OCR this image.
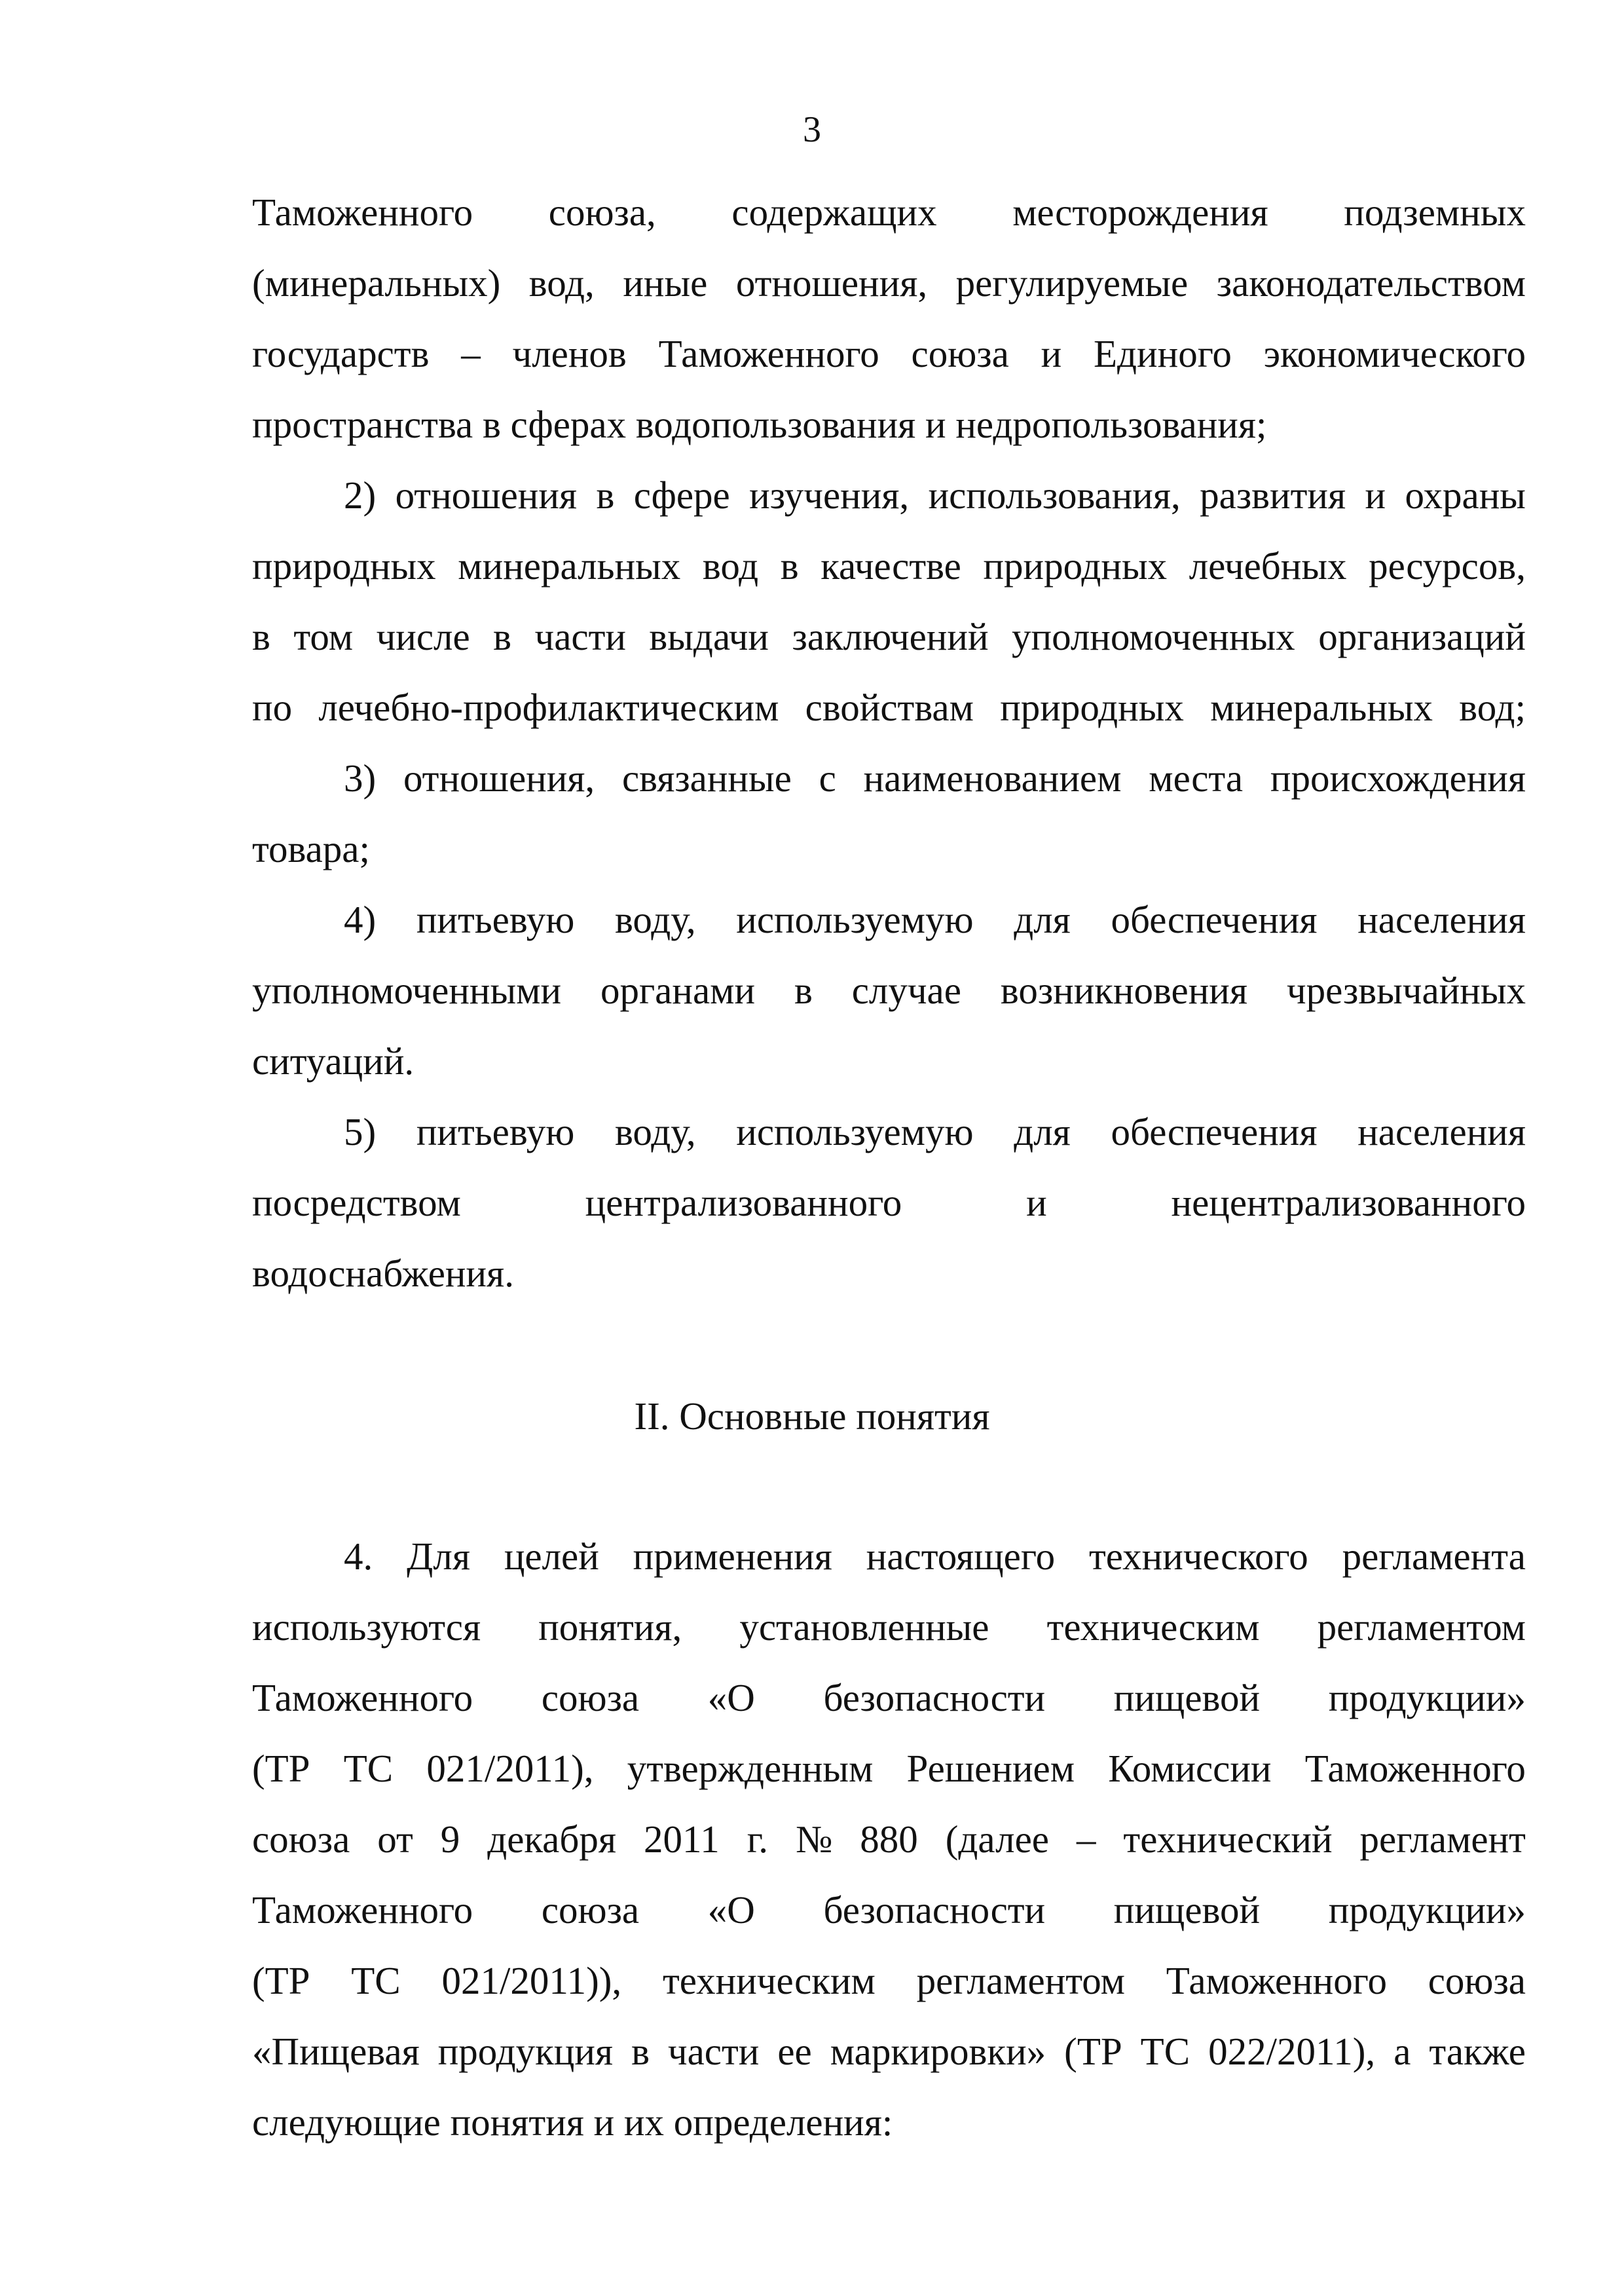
3
Таможенного союза, содержащих месторождения подземных
(минеральных) вод, иные отношения, регулируемые законодательством
государств – членов Таможенного союза и Единого экономического
пространства в сферах водопользования и недропользования;
2) отношения в сфере изучения, использования, развития и охраны
природных минеральных вод в качестве природных лечебных ресурсов,
в том числе в части выдачи заключений уполномоченных организаций
по лечебно-профилактическим свойствам природных минеральных вод;
3) отношения, связанные с наименованием места происхождения
товара;
4) питьевую воду, используемую для обеспечения населения
уполномоченными органами в случае возникновения чрезвычайных
ситуаций.
5) питьевую воду, используемую для обеспечения населения
посредством	централизованного	и	нецентрализованного
водоснабжения.
II. Основные понятия
4. Для целей применения настоящего технического регламента
используются понятия, установленные техническим регламентом
Таможенного союза «О безопасности пищевой продукции»
(ТР ТС 021/2011), утвержденным Решением Комиссии Таможенного
союза от 9 декабря 2011 г. № 880 (далее – технический регламент
Таможенного союза «О безопасности пищевой продукции»
(ТР ТС 021/2011)), техническим регламентом Таможенного союза
«Пищевая продукция в части ее маркировки» (ТР ТС 022/2011), а также
следующие понятия и их определения:
